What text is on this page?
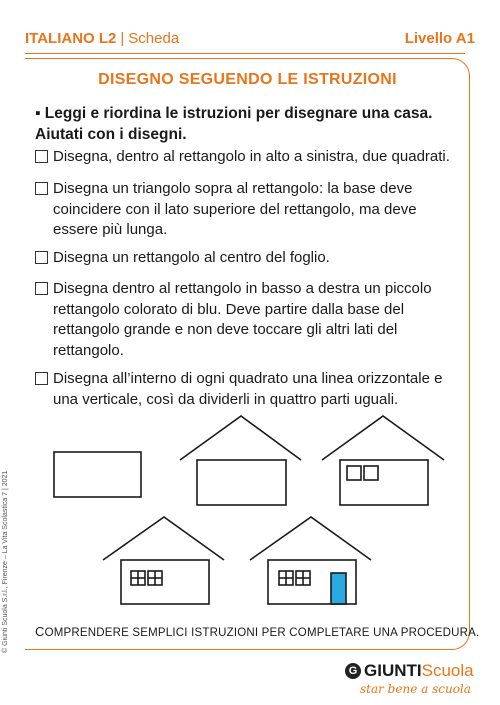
ITALIANO L2 | Scheda	Livello A1
DISEGNO SEGUENDO LE ISTRUZIONI
▪ Leggi e riordina le istruzioni per disegnare una casa. Aiutati con i disegni.
Disegna, dentro al rettangolo in alto a sinistra, due quadrati.
Disegna un triangolo sopra al rettangolo: la base deve coincidere con il lato superiore del rettangolo, ma deve essere più lunga.
Disegna un rettangolo al centro del foglio.
Disegna dentro al rettangolo in basso a destra un piccolo rettangolo colorato di blu. Deve partire dalla base del rettangolo grande e non deve toccare gli altri lati del rettangolo.
Disegna all’interno di ogni quadrato una linea orizzontale e una verticale, così da dividerli in quattro parti uguali.
COMPRENDERE SEMPLICI ISTRUZIONI PER COMPLETARE UNA PROCEDURA.
© Giunti Scuola S.r.l., Firenze – La Vita Scolastica 7 | 2021
G GIUNTIScuola
star bene a scuola
